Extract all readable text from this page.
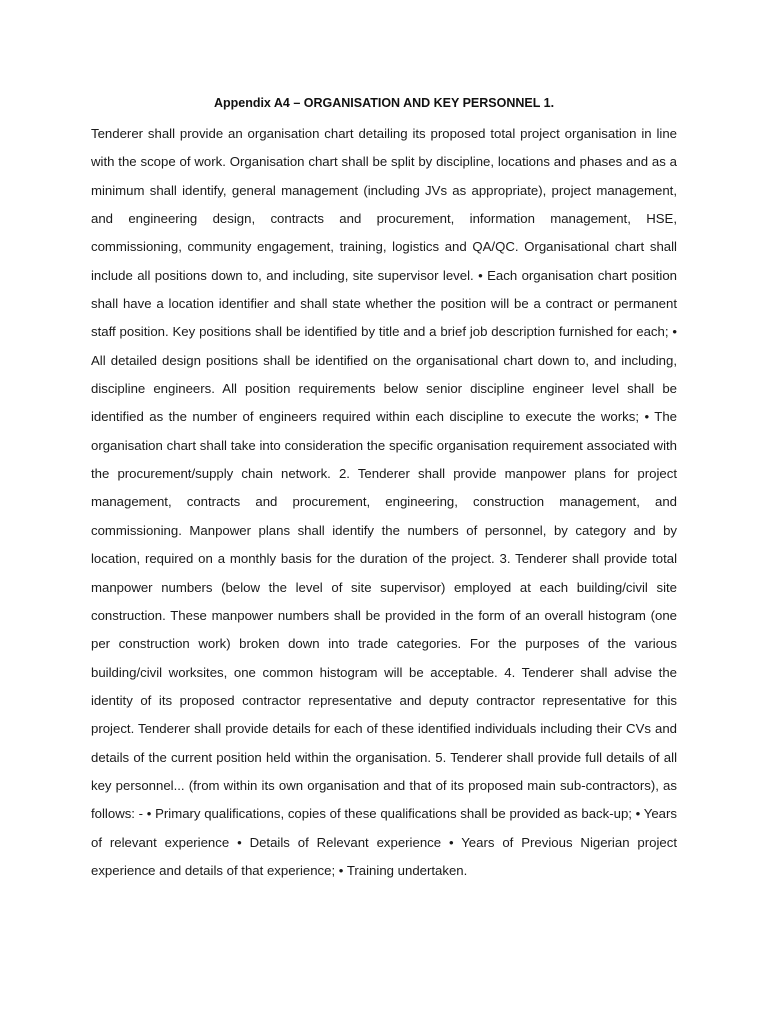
Appendix A4 – ORGANISATION AND KEY PERSONNEL 1.

Tenderer shall provide an organisation chart detailing its proposed total project organisation in line with the scope of work. Organisation chart shall be split by discipline, locations and phases and as a minimum shall identify, general management (including JVs as appropriate), project management, and engineering design, contracts and procurement, information management, HSE, commissioning, community engagement, training, logistics and QA/QC. Organisational chart shall include all positions down to, and including, site supervisor level. • Each organisation chart position shall have a location identifier and shall state whether the position will be a contract or permanent staff position. Key positions shall be identified by title and a brief job description furnished for each; • All detailed design positions shall be identified on the organisational chart down to, and including, discipline engineers. All position requirements below senior discipline engineer level shall be identified as the number of engineers required within each discipline to execute the works; • The organisation chart shall take into consideration the specific organisation requirement associated with the procurement/supply chain network. 2. Tenderer shall provide manpower plans for project management, contracts and procurement, engineering, construction management, and commissioning. Manpower plans shall identify the numbers of personnel, by category and by location, required on a monthly basis for the duration of the project. 3. Tenderer shall provide total manpower numbers (below the level of site supervisor) employed at each building/civil site construction. These manpower numbers shall be provided in the form of an overall histogram (one per construction work) broken down into trade categories. For the purposes of the various building/civil worksites, one common histogram will be acceptable. 4. Tenderer shall advise the identity of its proposed contractor representative and deputy contractor representative for this project. Tenderer shall provide details for each of these identified individuals including their CVs and details of the current position held within the organisation. 5. Tenderer shall provide full details of all key personnel... (from within its own organisation and that of its proposed main sub-contractors), as follows: - • Primary qualifications, copies of these qualifications shall be provided as back-up; • Years of relevant experience • Details of Relevant experience • Years of Previous Nigerian project experience and details of that experience; • Training undertaken.
